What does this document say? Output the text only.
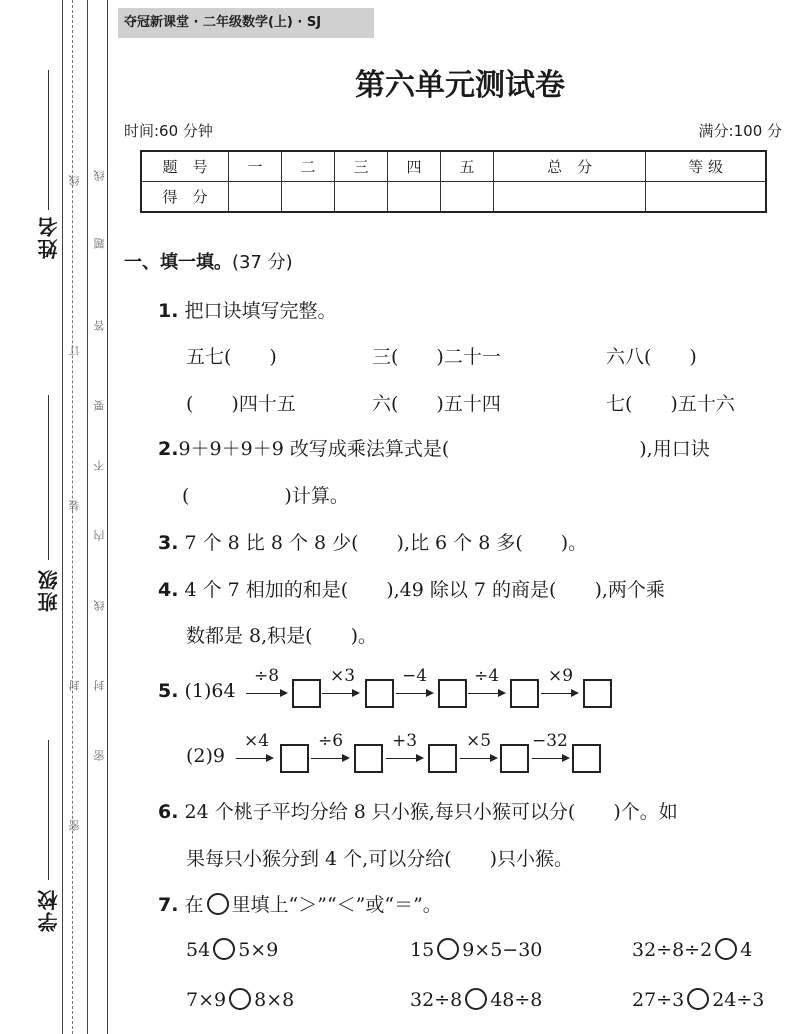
姓名
班级
学校
线
题
答
要
不
内
线
封
密
线
订
装
封
密
夺冠新课堂 · 二年级数学(上) · SJ
第六单元测试卷
时间:60 分钟	满分:100 分
题　号	一	二	三	四	五	总　分	等 级
得　分							
一、填一填。(37 分)
1. 把口诀填写完整。
五七(　　)	三(　　)二十一	六八(　　)
(　　)四十五	六(　　)五十四	七(　　)五十六
2.9＋9＋9＋9 改写成乘法算式是(　　　　　　　　　　),用口诀
(　　　　　)计算。
3. 7 个 8 比 8 个 8 少(　　),比 6 个 8 多(　　)。
4. 4 个 7 相加的和是(　　),49 除以 7 的商是(　　),两个乘
数都是 8,积是(　　)。
5. (1)64
÷8	×3	−4	÷4	×9
(2)9
×4	÷6	+3	×5 −32
6. 24 个桃子平均分给 8 只小猴,每只小猴可以分(　　)个。如
果每只小猴分到 4 个,可以分给(　　)只小猴。
7. 在 里填上“＞”“＜”或“＝”。
54 5×9	15 9×5−30	32÷8÷2 4
7×9 8×8	32÷8 48÷8	27÷3 24÷3
